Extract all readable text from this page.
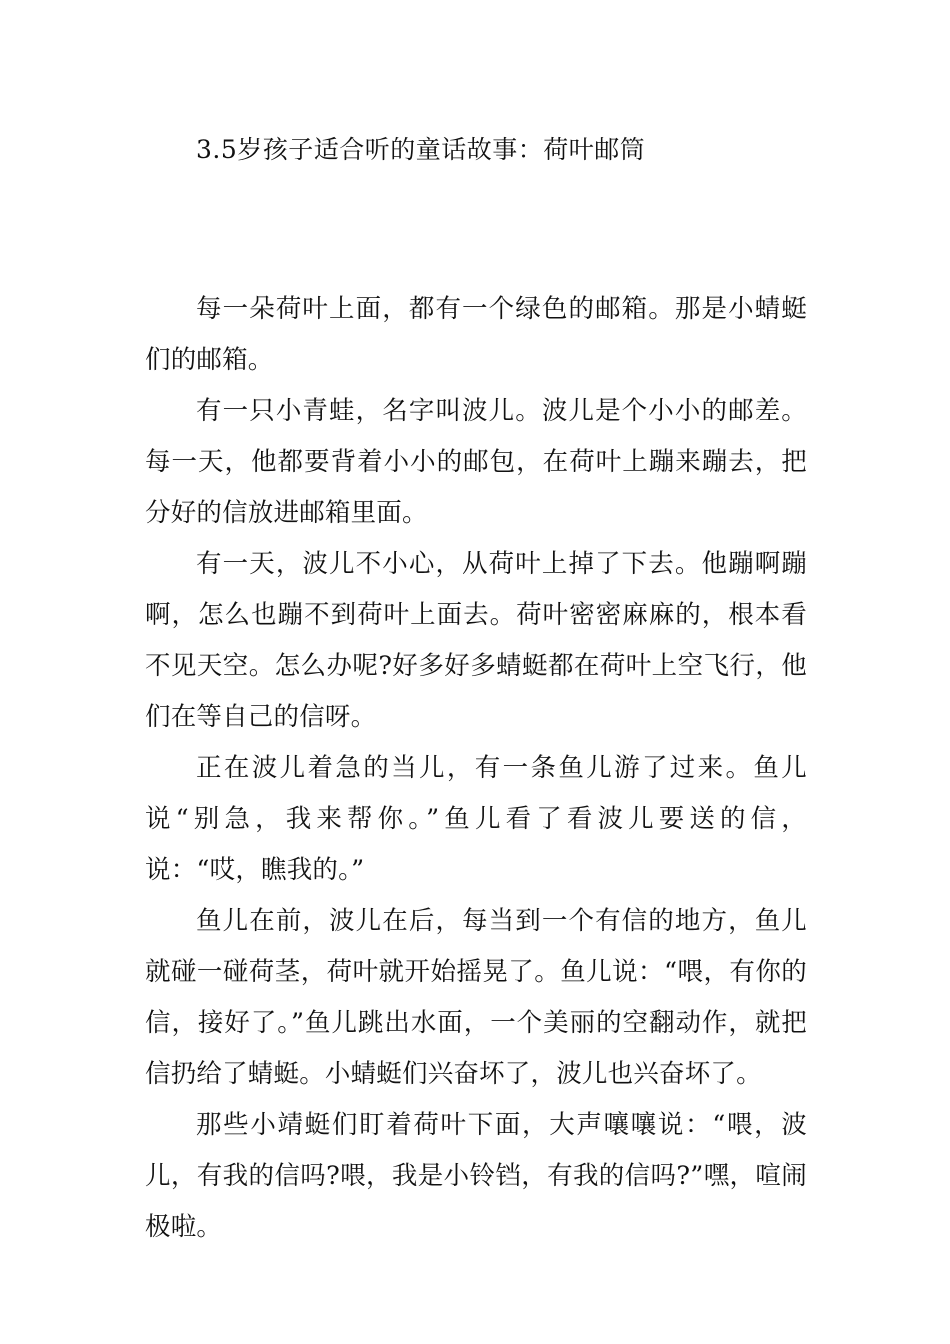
3.5岁孩子适合听的童话故事：荷叶邮筒

每一朵荷叶上面，都有一个绿色的邮箱。那是小蜻蜓们的邮箱。

有一只小青蛙，名字叫波儿。波儿是个小小的邮差。每一天，他都要背着小小的邮包，在荷叶上蹦来蹦去，把分好的信放进邮箱里面。

有一天，波儿不小心，从荷叶上掉了下去。他蹦啊蹦啊，怎么也蹦不到荷叶上面去。荷叶密密麻麻的，根本看不见天空。怎么办呢?好多好多蜻蜓都在荷叶上空飞行，他们在等自己的信呀。

正在波儿着急的当儿，有一条鱼儿游了过来。鱼儿说“别急，我来帮你。”鱼儿看了看波儿要送的信，说：“哎，瞧我的。”

鱼儿在前，波儿在后，每当到一个有信的地方，鱼儿就碰一碰荷茎，荷叶就开始摇晃了。鱼儿说：“喂，有你的信，接好了。”鱼儿跳出水面，一个美丽的空翻动作，就把信扔给了蜻蜓。小蜻蜓们兴奋坏了，波儿也兴奋坏了。

那些小靖蜓们盯着荷叶下面，大声嚷嚷说：“喂，波儿，有我的信吗?喂，我是小铃铛，有我的信吗?”嘿，喧闹极啦。
